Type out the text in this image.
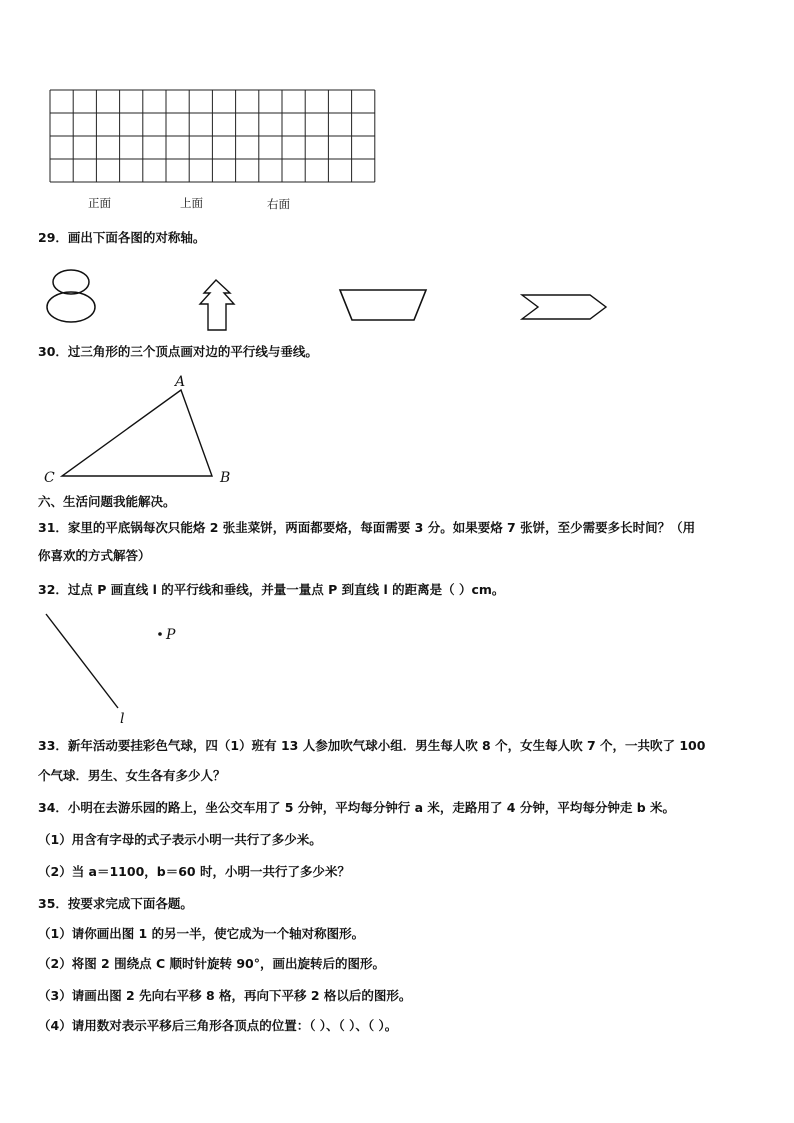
正面	上面	右面
29．画出下面各图的对称轴。
30．过三角形的三个顶点画对边的平行线与垂线。
A
B
C
六、生活问题我能解决。
31．家里的平底锅每次只能烙 2 张韭菜饼，两面都要烙，每面需要 3 分。如果要烙 7 张饼，至少需要多长时间？（用
你喜欢的方式解答）
32．过点 P 画直线 l 的平行线和垂线，并量一量点 P 到直线 l 的距离是（ ）cm。
P
l
33．新年活动要挂彩色气球，四（1）班有 13 人参加吹气球小组．男生每人吹 8 个，女生每人吹 7 个，一共吹了 100
个气球．男生、女生各有多少人？
34．小明在去游乐园的路上，坐公交车用了 5 分钟，平均每分钟行 a 米，走路用了 4 分钟，平均每分钟走 b 米。
（1）用含有字母的式子表示小明一共行了多少米。
（2）当 a＝1100，b＝60 时，小明一共行了多少米？
35．按要求完成下面各题。
（1）请你画出图 1 的另一半，使它成为一个轴对称图形。
（2）将图 2 围绕点 C 顺时针旋转 90°，画出旋转后的图形。
（3）请画出图 2 先向右平移 8 格，再向下平移 2 格以后的图形。
（4）请用数对表示平移后三角形各顶点的位置：（ ）、（ ）、（ ）。
